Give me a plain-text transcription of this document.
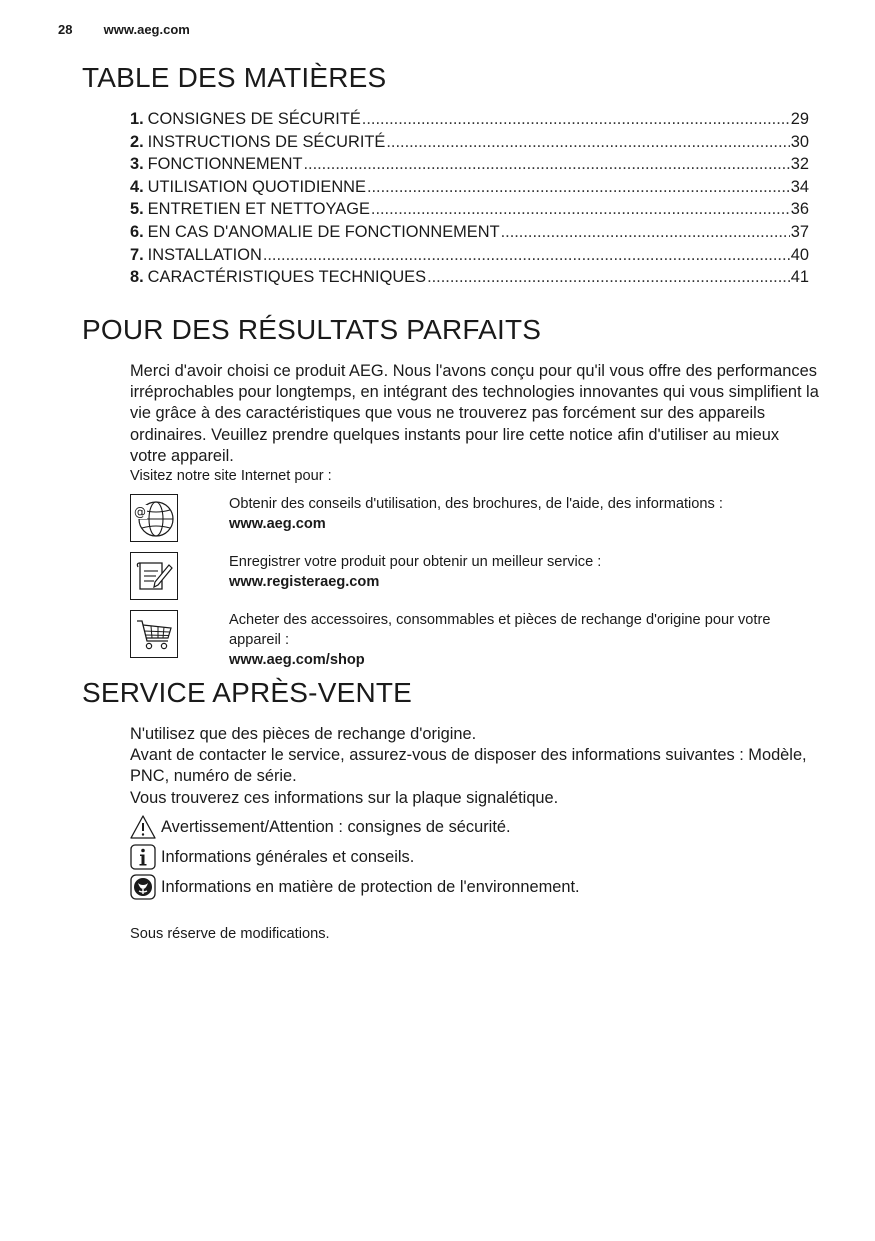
28 www.aeg.com
TABLE DES MATIÈRES
1. CONSIGNES DE SÉCURITÉ .....	29
2. INSTRUCTIONS DE SÉCURITÉ .....	30
3. FONCTIONNEMENT .....	32
4. UTILISATION QUOTIDIENNE .....	34
5. ENTRETIEN ET NETTOYAGE .....	36
6. EN CAS D'ANOMALIE DE FONCTIONNEMENT .....	37
7. INSTALLATION .....	40
8. CARACTÉRISTIQUES TECHNIQUES .....	41
POUR DES RÉSULTATS PARFAITS

Merci d'avoir choisi ce produit AEG. Nous l'avons conçu pour qu'il vous offre des performances irréprochables pour longtemps, en intégrant des technologies innovantes qui vous simplifient la vie grâce à des caractéristiques que vous ne trouverez pas forcément sur des appareils ordinaires. Veuillez prendre quelques instants pour lire cette notice afin d'utiliser au mieux votre appareil.

Visitez notre site Internet pour :

@	Obtenir des conseils d'utilisation, des brochures, de l'aide, des informations :
www.aeg.com
Enregistrer votre produit pour obtenir un meilleur service :
www.registeraeg.com
Acheter des accessoires, consommables et pièces de rechange d'origine pour votre appareil :
www.aeg.com/shop
SERVICE APRÈS-VENTE
N'utilisez que des pièces de rechange d'origine.
Avant de contacter le service, assurez-vous de disposer des informations suivantes : Modèle, PNC, numéro de série.
Vous trouverez ces informations sur la plaque signalétique.
Avertissement/Attention : consignes de sécurité.
Informations générales et conseils.
Informations en matière de protection de l'environnement.
Sous réserve de modifications.
